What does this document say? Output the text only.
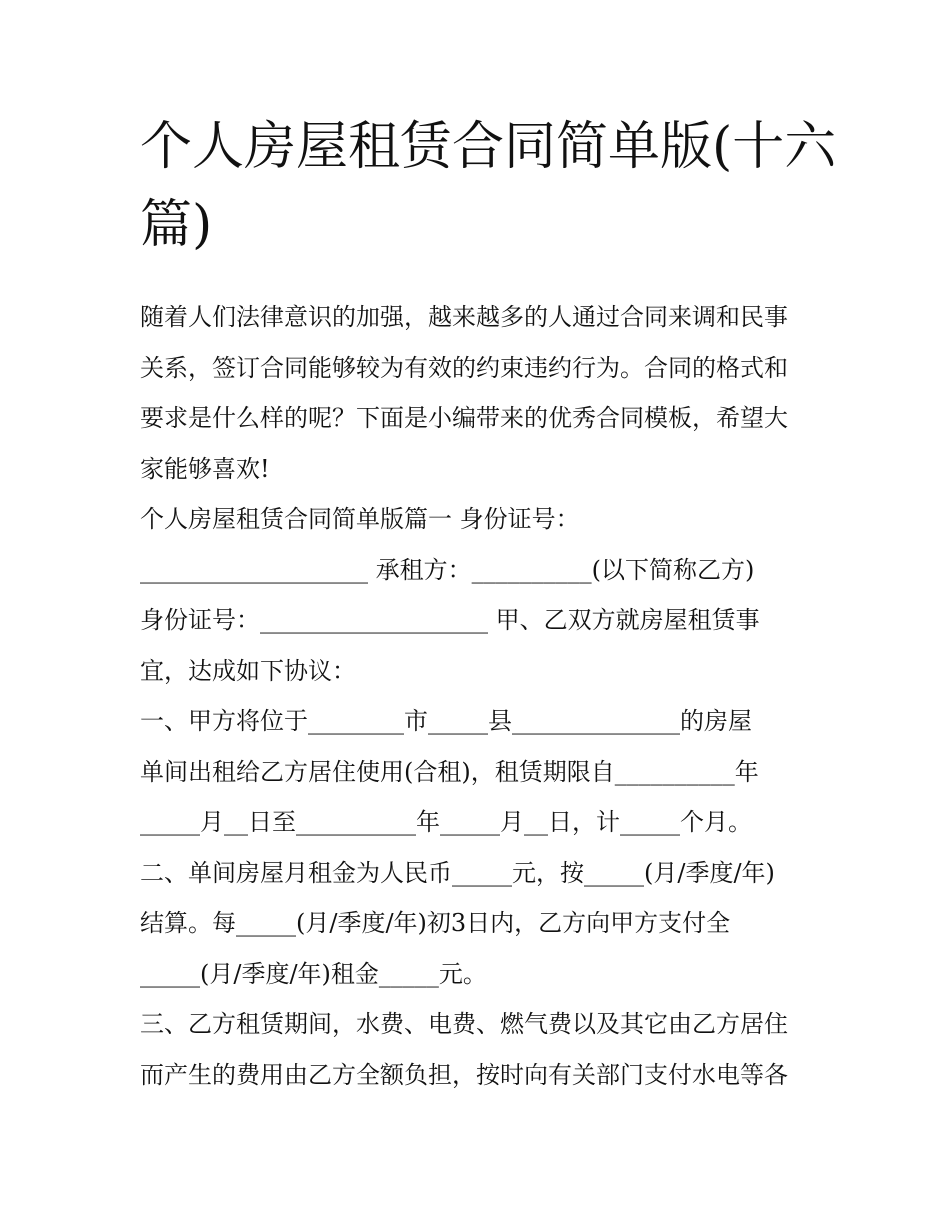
个人房屋租赁合同简单版(十六
篇)

随着人们法律意识的加强，越来越多的人通过合同来调和民事
关系，签订合同能够较为有效的约束违约行为。合同的格式和
要求是什么样的呢？下面是小编带来的优秀合同模板，希望大
家能够喜欢!

个人房屋租赁合同简单版篇一 身份证号：
___________________ 承租方：__________(以下简称乙方)
身份证号：___________________ 甲、乙双方就房屋租赁事
宜，达成如下协议：
一、甲方将位于________市_____县______________的房屋
单间出租给乙方居住使用(合租)，租赁期限自__________年
_____月__日至__________年_____月__日，计_____个月。
二、单间房屋月租金为人民币_____元，按_____(月/季度/年)
结算。每_____(月/季度/年)初3日内，乙方向甲方支付全
_____(月/季度/年)租金_____元。
三、乙方租赁期间，水费、电费、燃气费以及其它由乙方居住
而产生的费用由乙方全额负担，按时向有关部门支付水电等各
